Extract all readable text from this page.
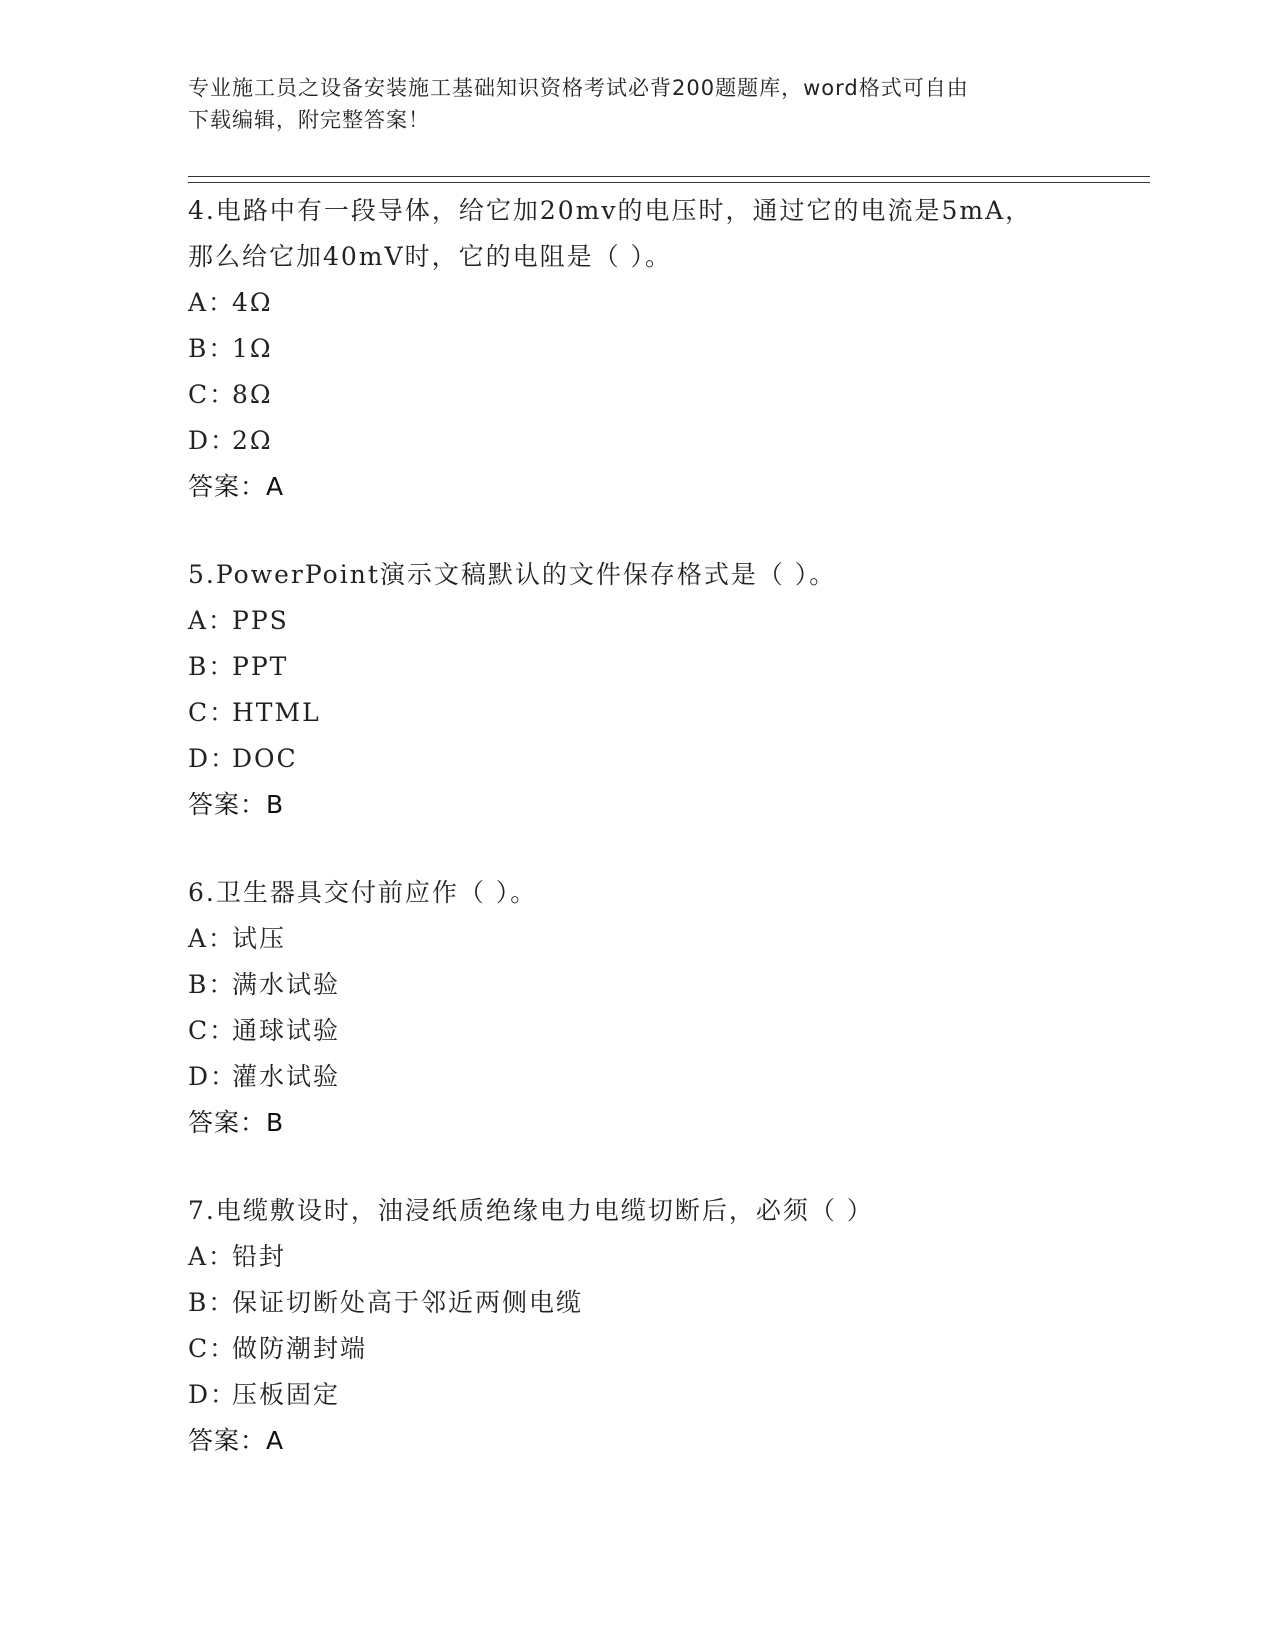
专业施工员之设备安装施工基础知识资格考试必背200题题库，word格式可自由
下载编辑，附完整答案！
4.电路中有一段导体，给它加20mv的电压时，通过它的电流是5mA，
那么给它加40mV时，它的电阻是（ ）。
A：4Ω
B：1Ω
C：8Ω
D：2Ω
答案：A
5.PowerPoint演示文稿默认的文件保存格式是（ ）。
A：PPS
B：PPT
C：HTML
D：DOC
答案：B
6.卫生器具交付前应作（ ）。
A：试压
B：满水试验
C：通球试验
D：灌水试验
答案：B
7.电缆敷设时，油浸纸质绝缘电力电缆切断后，必须（ ）
A：铅封
B：保证切断处高于邻近两侧电缆
C：做防潮封端
D：压板固定
答案：A
